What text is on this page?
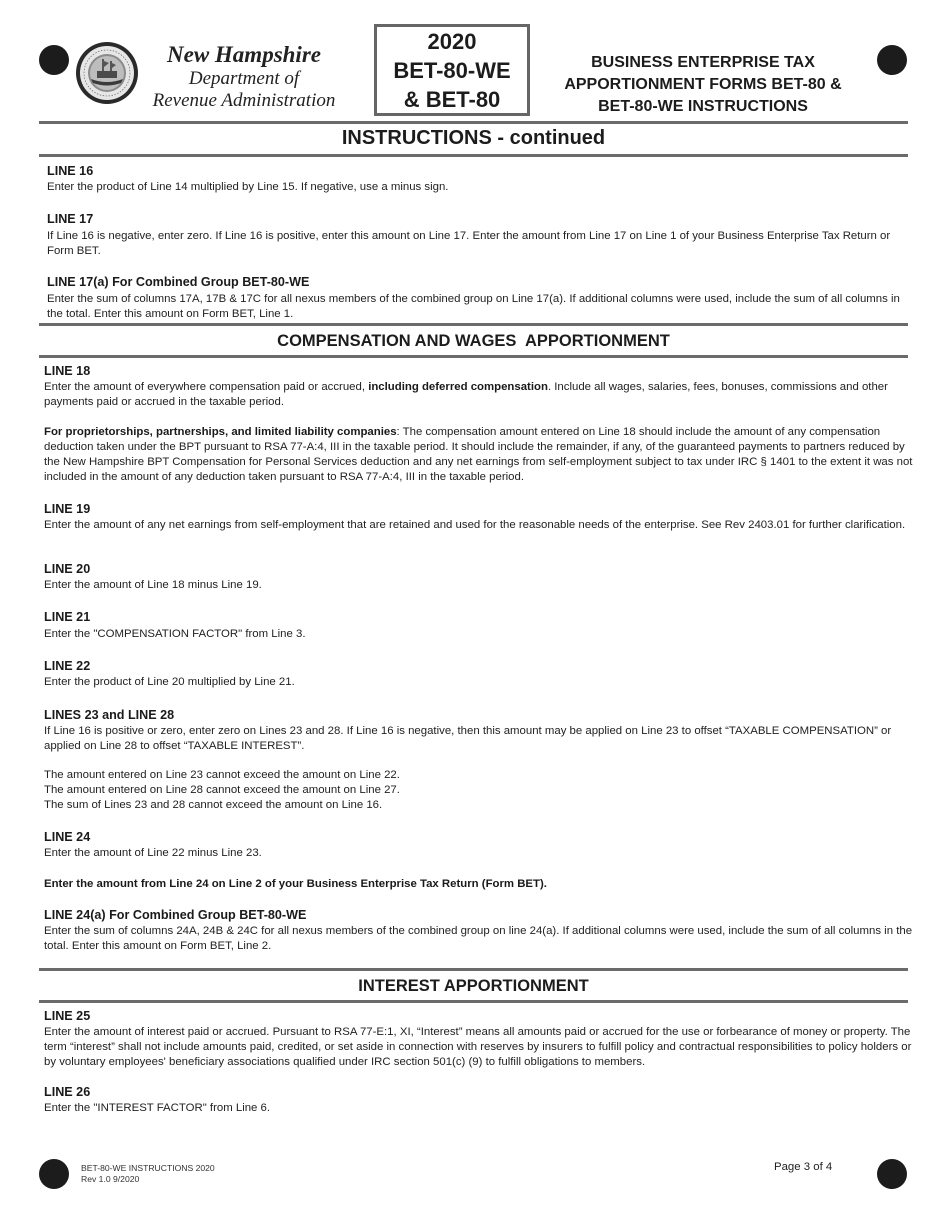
New Hampshire
Department of
Revenue Administration
2020
BET-80-WE
& BET-80
BUSINESS ENTERPRISE TAX
APPORTIONMENT FORMS BET-80 &
BET-80-WE INSTRUCTIONS
INSTRUCTIONS - continued
LINE 16
Enter the product of Line 14 multiplied by Line 15. If negative, use a minus sign.
LINE 17
If Line 16 is negative, enter zero. If Line 16 is positive, enter this amount on Line 17. Enter the amount from Line 17 on Line 1 of your Business Enterprise Tax Return or Form BET.
LINE 17(a) For Combined Group BET-80-WE
Enter the sum of columns 17A, 17B & 17C for all nexus members of the combined group on Line 17(a). If additional columns were used, include the sum of all columns in the total. Enter this amount on Form BET, Line 1.
COMPENSATION AND WAGES  APPORTIONMENT
LINE 18
Enter the amount of everywhere compensation paid or accrued, including deferred compensation. Include all wages, salaries, fees, bonuses, commissions and other payments paid or accrued in the taxable period.
For proprietorships, partnerships, and limited liability companies: The compensation amount entered on Line 18 should include the amount of any compensation deduction taken under the BPT pursuant to RSA 77-A:4, III in the taxable period. It should include the remainder, if any, of the guaranteed payments to partners reduced by the New Hampshire BPT Compensation for Personal Services deduction and any net earnings from self-employment subject to tax under IRC § 1401 to the extent it was not included in the amount of any deduction taken pursuant to RSA 77-A:4, III in the taxable period.
LINE 19
Enter the amount of any net earnings from self-employment that are retained and used for the reasonable needs of the enterprise. See Rev 2403.01 for further clarification.
LINE 20
Enter the amount of Line 18 minus Line 19.
LINE 21
Enter the "COMPENSATION FACTOR" from Line 3.
LINE 22
Enter the product of Line 20 multiplied by Line 21.
LINES 23 and LINE 28
If Line 16 is positive or zero, enter zero on Lines 23 and 28. If Line 16 is negative, then this amount may be applied on Line 23 to offset “TAXABLE COMPENSATION” or applied on Line 28 to offset “TAXABLE INTEREST”.
The amount entered on Line 23 cannot exceed the amount on Line 22.
The amount entered on Line 28 cannot exceed the amount on Line 27.
The sum of Lines 23 and 28 cannot exceed the amount on Line 16.
LINE 24
Enter the amount of Line 22 minus Line 23.
Enter the amount from Line 24 on Line 2 of your Business Enterprise Tax Return (Form BET).
LINE 24(a) For Combined Group BET-80-WE
Enter the sum of columns 24A, 24B & 24C for all nexus members of the combined group on line 24(a). If additional columns were used, include the sum of all columns in the total. Enter this amount on Form BET, Line 2.
INTEREST APPORTIONMENT
LINE 25
Enter the amount of interest paid or accrued. Pursuant to RSA 77-E:1, XI, “Interest” means all amounts paid or accrued for the use or forbearance of money or property. The term “interest” shall not include amounts paid, credited, or set aside in connection with reserves by insurers to fulfill policy and contractual responsibilities to policy holders or by voluntary employees' beneficiary associations qualified under IRC section 501(c) (9) to fulfill obligations to members.
LINE 26
Enter the "INTEREST FACTOR" from Line 6.
BET-80-WE INSTRUCTIONS 2020
Rev 1.0 9/2020
Page 3 of 4
